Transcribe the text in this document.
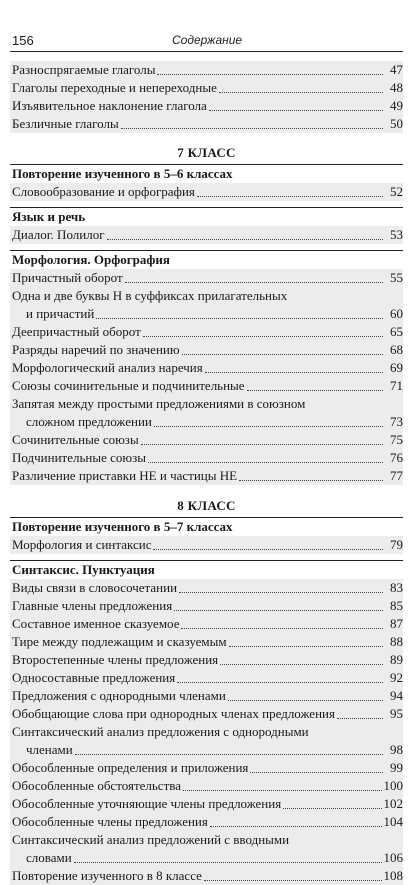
156	Содержание
Разноспрягаемые глаголы	47
Глаголы переходные и непереходные	48
Изъявительное наклонение глагола	49
Безличные глаголы	50
7 КЛАСС
Повторение изученного в 5–6 классах
Словообразование и орфография	52
Язык и речь
Диалог. Полилог	53
Морфология. Орфография
Причастный оборот	55
Одна и две буквы Н в суффиксах прилагательных
и причастий	60
Деепричастный оборот	65
Разряды наречий по значению	68
Морфологический анализ наречия	69
Союзы сочинительные и подчинительные	71
Запятая между простыми предложениями в союзном
сложном предложении	73
Сочинительные союзы	75
Подчинительные союзы	76
Различение приставки НЕ и частицы НЕ	77
8 КЛАСС
Повторение изученного в 5–7 классах
Морфология и синтаксис	79
Синтаксис. Пунктуация
Виды связи в словосочетании	83
Главные члены предложения	85
Составное именное сказуемое	87
Тире между подлежащим и сказуемым	88
Второстепенные члены предложения	89
Односоставные предложения	92
Предложения с однородными членами	94
Обобщающие слова при однородных членах предложения	95
Синтаксический анализ предложения с однородными
членами	98
Обособленные определения и приложения	99
Обособленные обстоятельства	100
Обособленные уточняющие члены предложения	102
Обособленные члены предложения	104
Синтаксический анализ предложений с вводными
словами	106
Повторение изученного в 8 классе	108
